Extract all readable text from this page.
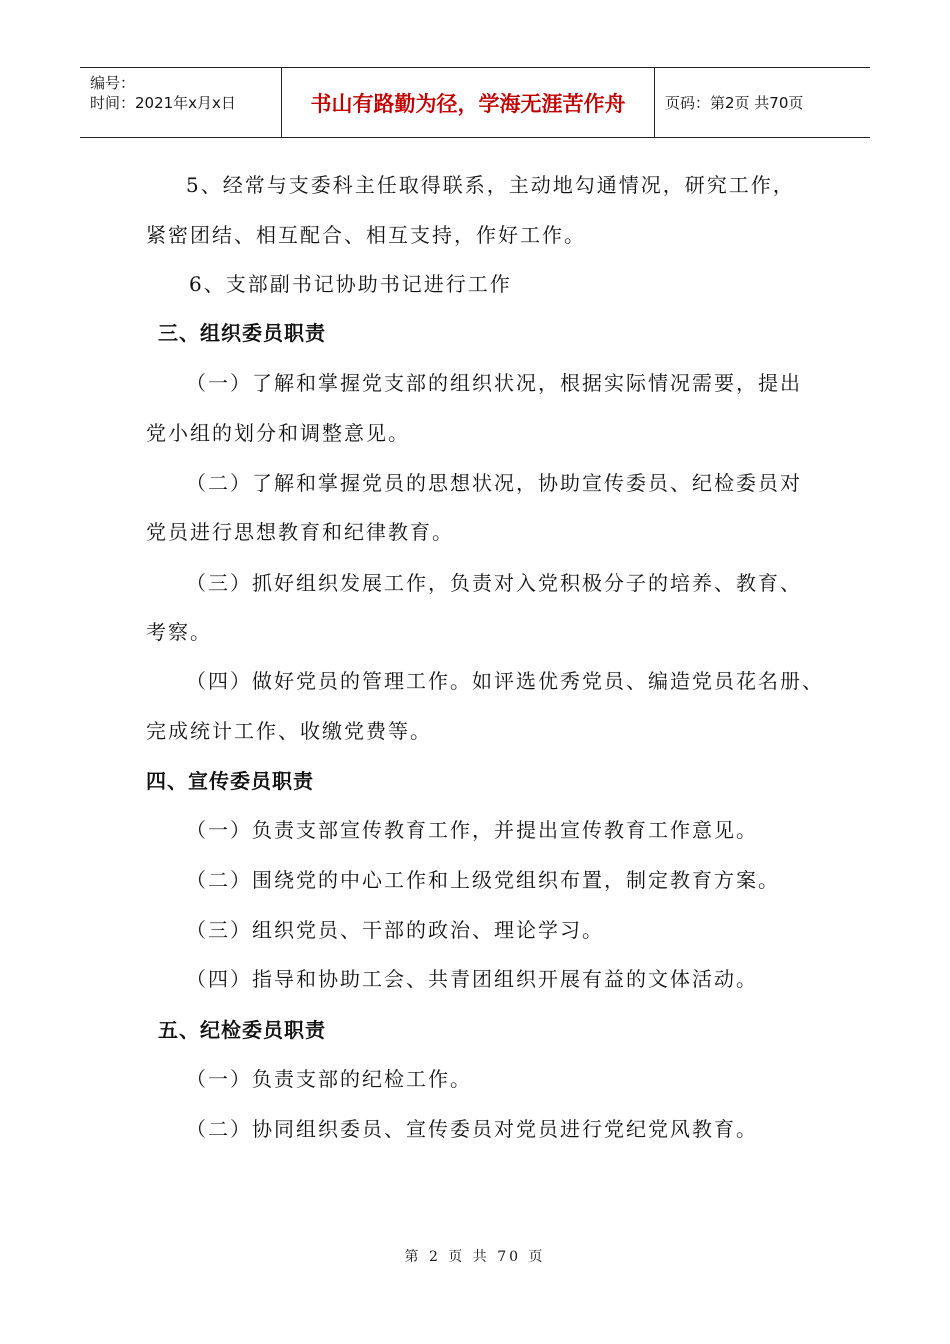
编号：
时间：2021年x月x日	书山有路勤为径，学海无涯苦作舟	页码：第2页 共70页
5、经常与支委科主任取得联系，主动地勾通情况，研究工作，
紧密团结、相互配合、相互支持，作好工作。
6、支部副书记协助书记进行工作
三、组织委员职责
（一）了解和掌握党支部的组织状况，根据实际情况需要，提出
党小组的划分和调整意见。
（二）了解和掌握党员的思想状况，协助宣传委员、纪检委员对
党员进行思想教育和纪律教育。
（三）抓好组织发展工作，负责对入党积极分子的培养、教育、
考察。
（四）做好党员的管理工作。如评选优秀党员、编造党员花名册、
完成统计工作、收缴党费等。
四、宣传委员职责
（一）负责支部宣传教育工作，并提出宣传教育工作意见。
（二）围绕党的中心工作和上级党组织布置，制定教育方案。
（三）组织党员、干部的政治、理论学习。
（四）指导和协助工会、共青团组织开展有益的文体活动。
五、纪检委员职责
（一）负责支部的纪检工作。
（二）协同组织委员、宣传委员对党员进行党纪党风教育。
第 2 页 共 70 页
